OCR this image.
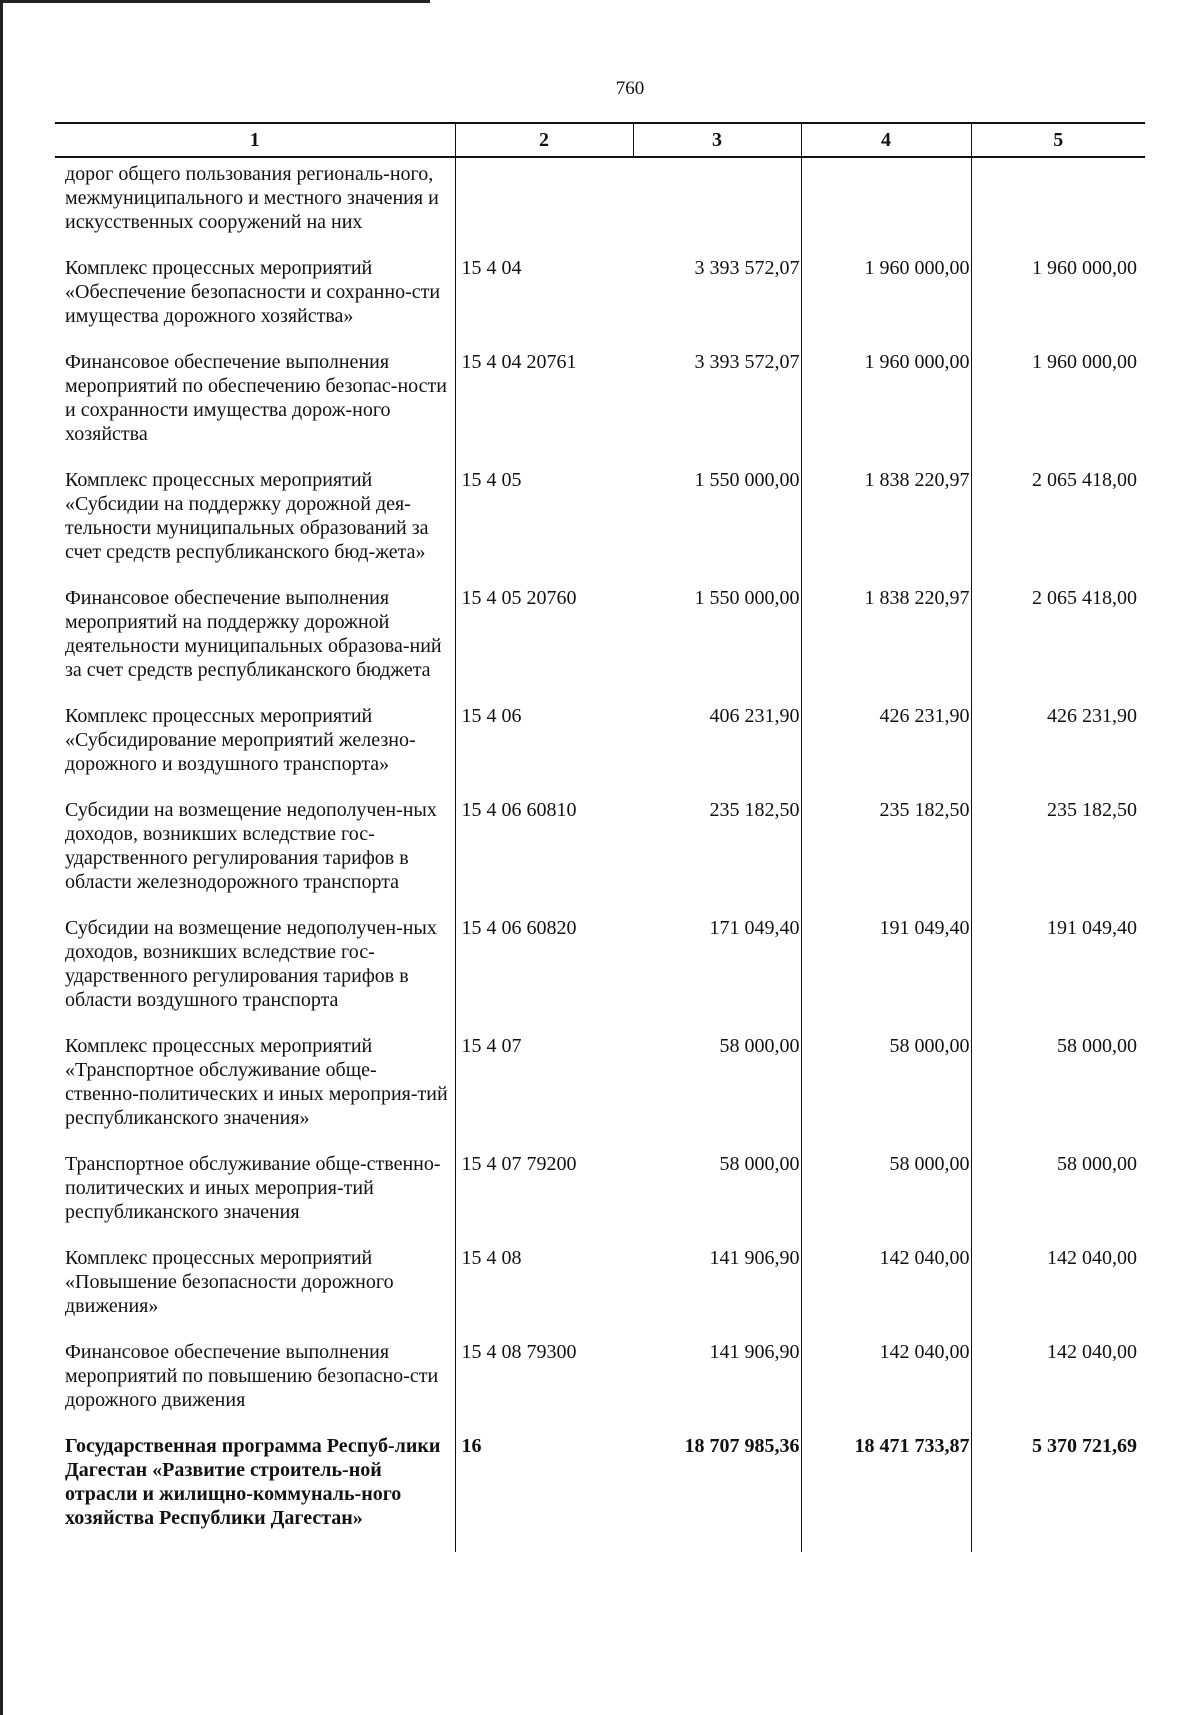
760
1	2	3	4	5
дорог общего пользования региональ-ного, межмуниципального и местного значения и искусственных сооружений на них				
Комплекс процессных мероприятий «Обеспечение безопасности и сохранно-сти имущества дорожного хозяйства»	15 4 04	3 393 572,07	1 960 000,00	1 960 000,00
Финансовое обеспечение выполнения мероприятий по обеспечению безопас-ности и сохранности имущества дорож-ного хозяйства	15 4 04 20761	3 393 572,07	1 960 000,00	1 960 000,00
Комплекс процессных мероприятий «Субсидии на поддержку дорожной дея-тельности муниципальных образований за счет средств республиканского бюд-жета»	15 4 05	1 550 000,00	1 838 220,97	2 065 418,00
Финансовое обеспечение выполнения мероприятий на поддержку дорожной деятельности муниципальных образова-ний за счет средств республиканского бюджета	15 4 05 20760	1 550 000,00	1 838 220,97	2 065 418,00
Комплекс процессных мероприятий «Субсидирование мероприятий железно-дорожного и воздушного транспорта»	15 4 06	406 231,90	426 231,90	426 231,90
Субсидии на возмещение недополучен-ных доходов, возникших вследствие гос-ударственного регулирования тарифов в области железнодорожного транспорта	15 4 06 60810	235 182,50	235 182,50	235 182,50
Субсидии на возмещение недополучен-ных доходов, возникших вследствие гос-ударственного регулирования тарифов в области воздушного транспорта	15 4 06 60820	171 049,40	191 049,40	191 049,40
Комплекс процессных мероприятий «Транспортное обслуживание обще-ственно-политических и иных мероприя-тий республиканского значения»	15 4 07	58 000,00	58 000,00	58 000,00
Транспортное обслуживание обще-ственно-политических и иных мероприя-тий республиканского значения	15 4 07 79200	58 000,00	58 000,00	58 000,00
Комплекс процессных мероприятий «Повышение безопасности дорожного движения»	15 4 08	141 906,90	142 040,00	142 040,00
Финансовое обеспечение выполнения мероприятий по повышению безопасно-сти дорожного движения	15 4 08 79300	141 906,90	142 040,00	142 040,00
Государственная программа Респуб-лики Дагестан «Развитие строитель-ной отрасли и жилищно-коммуналь-ного хозяйства Республики Дагестан»	16	18 707 985,36	18 471 733,87	5 370 721,69
